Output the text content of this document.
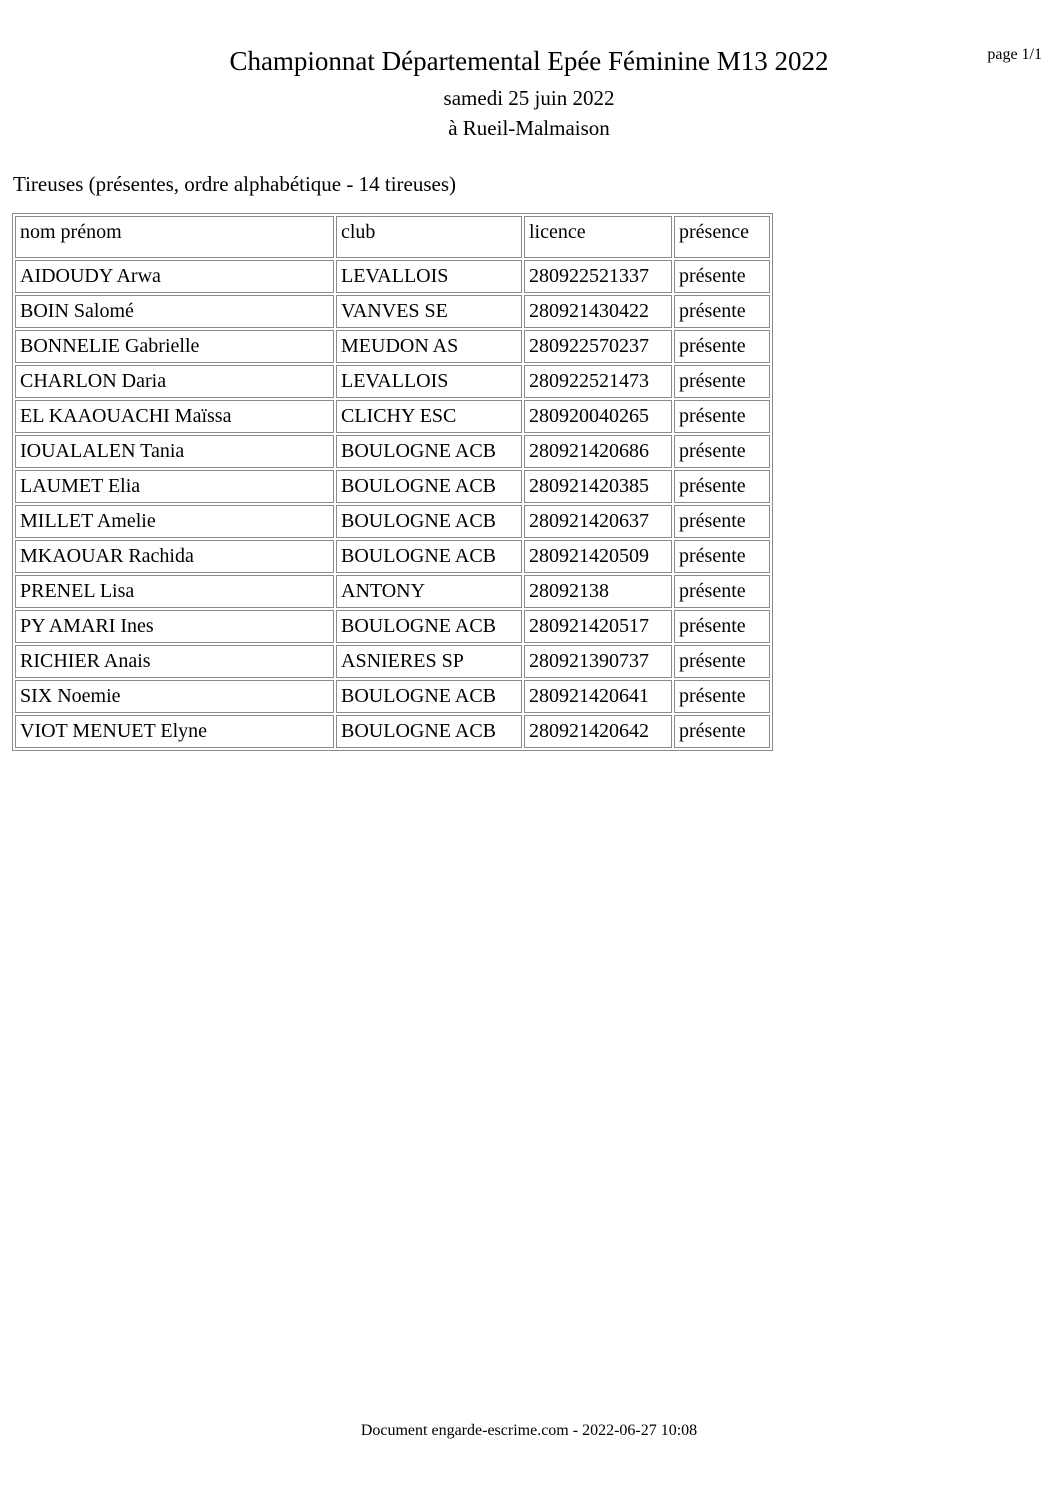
page 1/1
Championnat Départemental Epée Féminine M13 2022
samedi 25 juin 2022
à Rueil-Malmaison
Tireuses (présentes, ordre alphabétique - 14 tireuses)
nom prénom	club	licence	présence
AIDOUDY Arwa	LEVALLOIS	280922521337	présente
BOIN Salomé	VANVES SE	280921430422	présente
BONNELIE Gabrielle	MEUDON AS	280922570237	présente
CHARLON Daria	LEVALLOIS	280922521473	présente
EL KAAOUACHI Maïssa	CLICHY ESC	280920040265	présente
IOUALALEN Tania	BOULOGNE ACB	280921420686	présente
LAUMET Elia	BOULOGNE ACB	280921420385	présente
MILLET Amelie	BOULOGNE ACB	280921420637	présente
MKAOUAR Rachida	BOULOGNE ACB	280921420509	présente
PRENEL Lisa	ANTONY	28092138	présente
PY AMARI Ines	BOULOGNE ACB	280921420517	présente
RICHIER Anais	ASNIERES SP	280921390737	présente
SIX Noemie	BOULOGNE ACB	280921420641	présente
VIOT MENUET Elyne	BOULOGNE ACB	280921420642	présente
Document engarde-escrime.com - 2022-06-27 10:08
